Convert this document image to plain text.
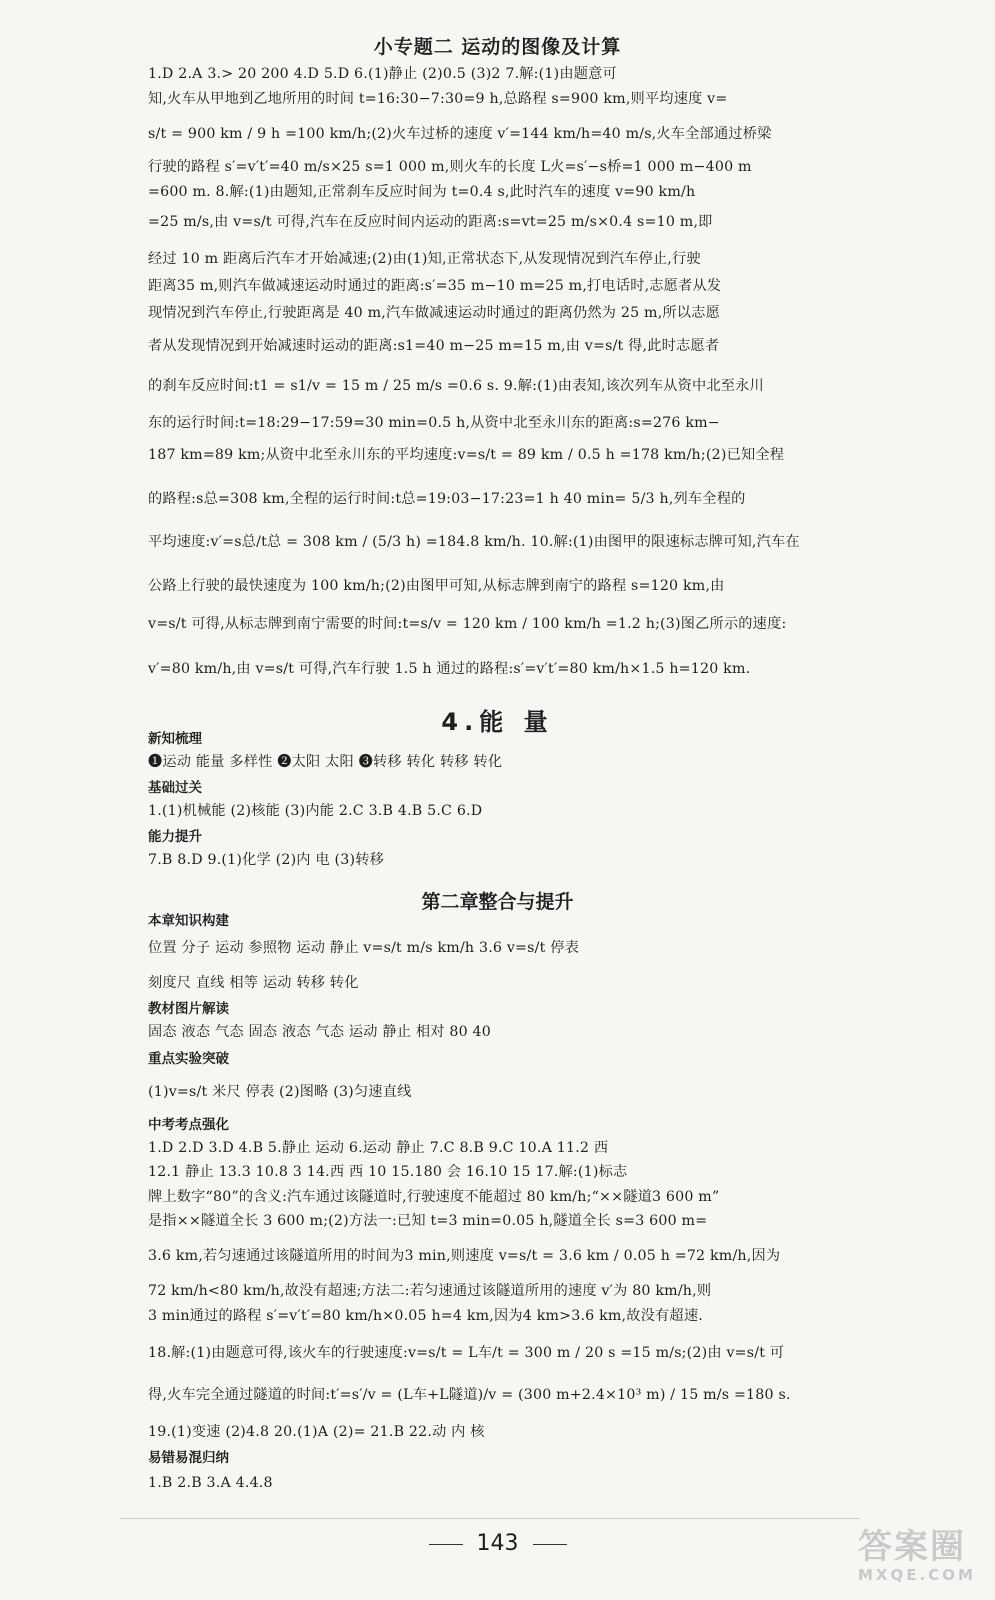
小专题二 运动的图像及计算
1.D 2.A 3.> 20 200 4.D 5.D 6.(1)静止 (2)0.5 (3)2 7.解:(1)由题意可
知,火车从甲地到乙地所用的时间 t=16:30−7:30=9 h,总路程 s=900 km,则平均速度 v=
s/t = 900 km / 9 h =100 km/h;(2)火车过桥的速度 v′=144 km/h=40 m/s,火车全部通过桥梁
行驶的路程 s′=v′t′=40 m/s×25 s=1 000 m,则火车的长度 L火=s′−s桥=1 000 m−400 m
=600 m. 8.解:(1)由题知,正常刹车反应时间为 t=0.4 s,此时汽车的速度 v=90 km/h
=25 m/s,由 v=s/t 可得,汽车在反应时间内运动的距离:s=vt=25 m/s×0.4 s=10 m,即
经过 10 m 距离后汽车才开始减速;(2)由(1)知,正常状态下,从发现情况到汽车停止,行驶
距离35 m,则汽车做减速运动时通过的距离:s′=35 m−10 m=25 m,打电话时,志愿者从发
现情况到汽车停止,行驶距离是 40 m,汽车做减速运动时通过的距离仍然为 25 m,所以志愿
者从发现情况到开始减速时运动的距离:s1=40 m−25 m=15 m,由 v=s/t 得,此时志愿者
的刹车反应时间:t1 = s1/v = 15 m / 25 m/s =0.6 s. 9.解:(1)由表知,该次列车从资中北至永川
东的运行时间:t=18:29−17:59=30 min=0.5 h,从资中北至永川东的距离:s=276 km−
187 km=89 km;从资中北至永川东的平均速度:v=s/t = 89 km / 0.5 h =178 km/h;(2)已知全程
的路程:s总=308 km,全程的运行时间:t总=19:03−17:23=1 h 40 min= 5/3 h,列车全程的
平均速度:v′=s总/t总 = 308 km / (5/3 h) =184.8 km/h. 10.解:(1)由图甲的限速标志牌可知,汽车在
公路上行驶的最快速度为 100 km/h;(2)由图甲可知,从标志牌到南宁的路程 s=120 km,由
v=s/t 可得,从标志牌到南宁需要的时间:t=s/v = 120 km / 100 km/h =1.2 h;(3)图乙所示的速度:
v′=80 km/h,由 v=s/t 可得,汽车行驶 1.5 h 通过的路程:s′=v′t′=80 km/h×1.5 h=120 km.
4.能 量
新知梳理
❶运动 能量 多样性 ❷太阳 太阳 ❸转移 转化 转移 转化
基础过关
1.(1)机械能 (2)核能 (3)内能 2.C 3.B 4.B 5.C 6.D
能力提升
7.B 8.D 9.(1)化学 (2)内 电 (3)转移
第二章整合与提升
本章知识构建
位置 分子 运动 参照物 运动 静止 v=s/t m/s km/h 3.6 v=s/t 停表
刻度尺 直线 相等 运动 转移 转化
教材图片解读
固态 液态 气态 固态 液态 气态 运动 静止 相对 80 40
重点实验突破
(1)v=s/t 米尺 停表 (2)图略 (3)匀速直线
中考考点强化
1.D 2.D 3.D 4.B 5.静止 运动 6.运动 静止 7.C 8.B 9.C 10.A 11.2 西
12.1 静止 13.3 10.8 3 14.西 西 10 15.180 会 16.10 15 17.解:(1)标志
牌上数字“80”的含义:汽车通过该隧道时,行驶速度不能超过 80 km/h;“××隧道3 600 m”
是指××隧道全长 3 600 m;(2)方法一:已知 t=3 min=0.05 h,隧道全长 s=3 600 m=
3.6 km,若匀速通过该隧道所用的时间为3 min,则速度 v=s/t = 3.6 km / 0.05 h =72 km/h,因为
72 km/h<80 km/h,故没有超速;方法二:若匀速通过该隧道所用的速度 v′为 80 km/h,则
3 min通过的路程 s′=v′t′=80 km/h×0.05 h=4 km,因为4 km>3.6 km,故没有超速.
18.解:(1)由题意可得,该火车的行驶速度:v=s/t = L车/t = 300 m / 20 s =15 m/s;(2)由 v=s/t 可
得,火车完全通过隧道的时间:t′=s′/v = (L车+L隧道)/v = (300 m+2.4×10³ m) / 15 m/s =180 s.
19.(1)变速 (2)4.8 20.(1)A (2)= 21.B 22.动 内 核
易错易混归纳
1.B 2.B 3.A 4.4.8
143	答案圈
MXQE.COM
